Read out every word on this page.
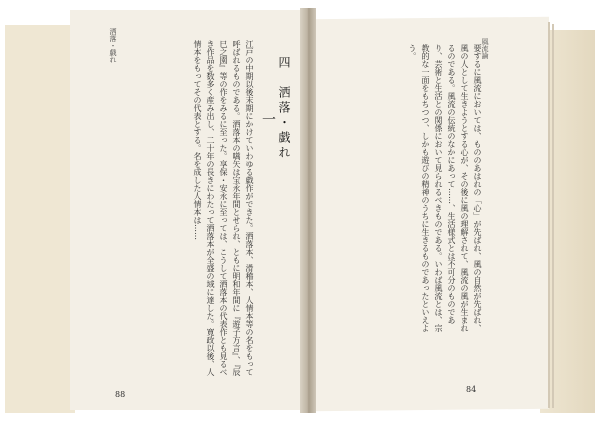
洒落・戯れ
一 四　洒落・戯れ
江戸の中期以後末期にかけていわゆる戯作ができた。洒落本、滑稽本、人情本等の名をもって呼ばれるものである。洒落本の嚆矢は宝永年間とせられ、ともに明和年間に『遊子方言』、『辰巳之園』等の作をみるに至った。享保・安永に至っては、こうして洒落本の代表作とも見るべき作品を数多く産み出し、二十年の長きにわたって洒落本が全盛の域に達した。寛政以後、人情本をもってその代表とする。名を成した人情本は……
88
風流論
要するに風流においては、もののあはれの「心」が先ばれ、風の自然が先ばれ、風の人として生きようとする心が、その後に風の理解されて、風流の風が生まれるのである。風流の伝統のなかにあって……、生活様式とは不可分のものであり、芸術と生活との関係において見られるべきものである。いわば風流とは、宗教的な一面をもちつつ、しかも遊びの精神のうちに生きるものであったといえよう。
84
